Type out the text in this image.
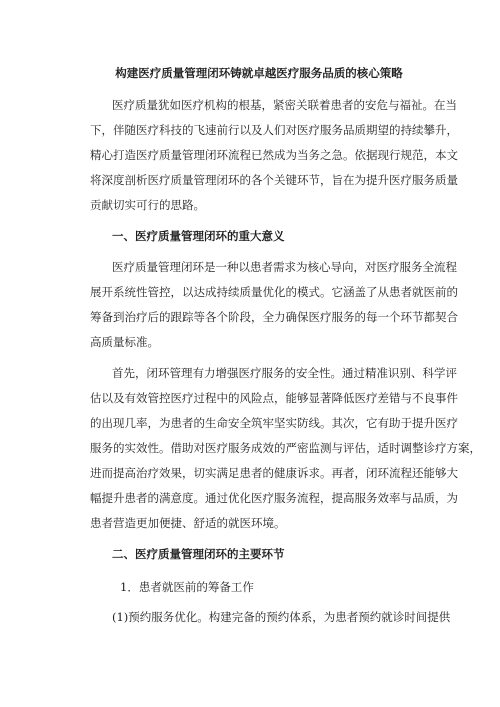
构建医疗质量管理闭环铸就卓越医疗服务品质的核心策略
医疗质量犹如医疗机构的根基，紧密关联着患者的安危与福祉。在当
下，伴随医疗科技的飞速前行以及人们对医疗服务品质期望的持续攀升，
精心打造医疗质量管理闭环流程已然成为当务之急。依据现行规范，本文
将深度剖析医疗质量管理闭环的各个关键环节，旨在为提升医疗服务质量
贡献切实可行的思路。
一、医疗质量管理闭环的重大意义
医疗质量管理闭环是一种以患者需求为核心导向，对医疗服务全流程
展开系统性管控，以达成持续质量优化的模式。它涵盖了从患者就医前的
筹备到治疗后的跟踪等各个阶段，全力确保医疗服务的每一个环节都契合
高质量标准。
首先，闭环管理有力增强医疗服务的安全性。通过精准识别、科学评
估以及有效管控医疗过程中的风险点，能够显著降低医疗差错与不良事件
的出现几率，为患者的生命安全筑牢坚实防线。其次，它有助于提升医疗
服务的实效性。借助对医疗服务成效的严密监测与评估，适时调整诊疗方案，
进而提高治疗效果，切实满足患者的健康诉求。再者，闭环流程还能够大
幅提升患者的满意度。通过优化医疗服务流程，提高服务效率与品质，为
患者营造更加便捷、舒适的就医环境。
二、医疗质量管理闭环的主要环节
1．患者就医前的筹备工作
(1)预约服务优化。构建完备的预约体系，为患者预约就诊时间提供
